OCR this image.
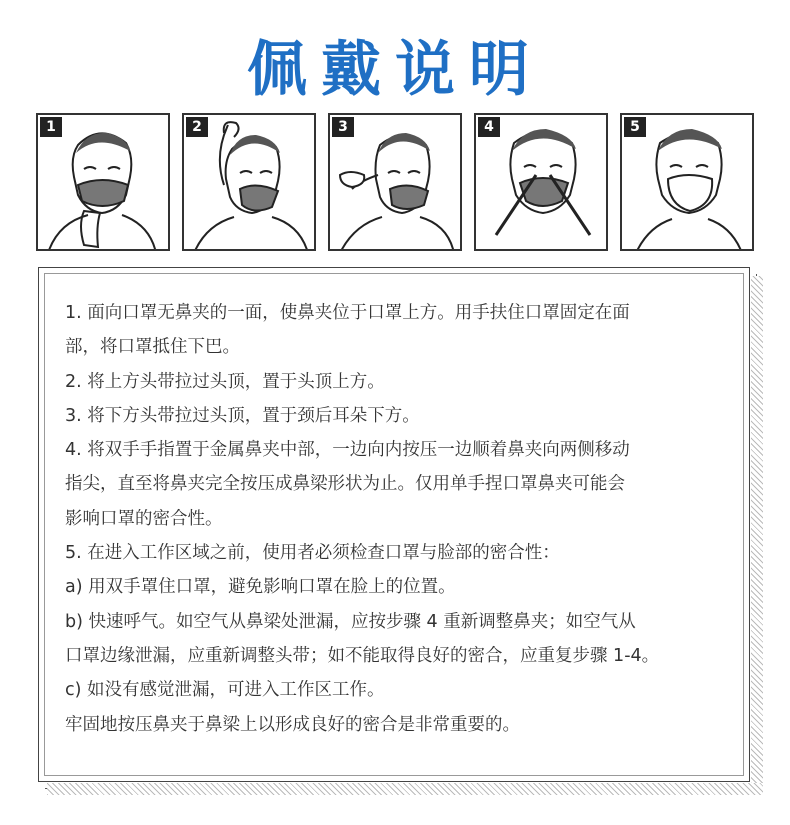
佩戴说明
1	2	3	4	5

1. 面向口罩无鼻夹的一面，使鼻夹位于口罩上方。用手扶住口罩固定在面

部，将口罩抵住下巴。

2. 将上方头带拉过头顶，置于头顶上方。

3. 将下方头带拉过头顶，置于颈后耳朵下方。

4. 将双手手指置于金属鼻夹中部，一边向内按压一边顺着鼻夹向两侧移动

指尖，直至将鼻夹完全按压成鼻梁形状为止。仅用单手捏口罩鼻夹可能会

影响口罩的密合性。

5. 在进入工作区域之前，使用者必须检查口罩与脸部的密合性：

a) 用双手罩住口罩，避免影响口罩在脸上的位置。

b) 快速呼气。如空气从鼻梁处泄漏，应按步骤 4 重新调整鼻夹；如空气从

口罩边缘泄漏，应重新调整头带；如不能取得良好的密合，应重复步骤 1-4。

c) 如没有感觉泄漏，可进入工作区工作。

牢固地按压鼻夹于鼻梁上以形成良好的密合是非常重要的。
